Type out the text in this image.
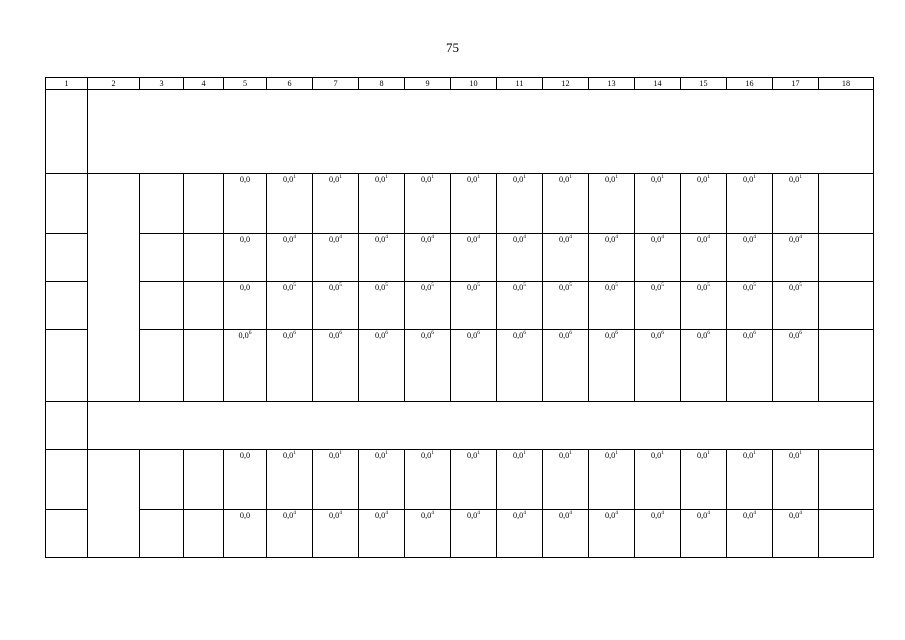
75
1	2	3	4	5	6	7	8	9	10	11	12	13	14	15	16	17	18

				0,0	$0,0^1$	$0,0^1$	$0,0^1$	$0,0^1$	$0,0^1$	$0,0^1$	$0,0^1$	$0,0^1$	$0,0^1$	$0,0^1$	$0,0^1$	$0,0^1$	
				0,0	$0,0^4$	$0,0^4$	$0,0^4$	$0,0^4$	$0,0^4$	$0,0^4$	$0,0^4$	$0,0^4$	$0,0^4$	$0,0^4$	$0,0^4$	$0,0^4$	
				0,0	$0,0^5$	$0,0^5$	$0,0^5$	$0,0^5$	$0,0^5$	$0,0^5$	$0,0^5$	$0,0^5$	$0,0^5$	$0,0^5$	$0,0^5$	$0,0^5$	
				$0,0^6$	$0,0^6$	$0,0^6$	$0,0^6$	$0,0^6$	$0,0^6$	$0,0^6$	$0,0^6$	$0,0^6$	$0,0^6$	$0,0^6$	$0,0^6$	$0,0^6$	

				0,0	$0,0^1$	$0,0^1$	$0,0^1$	$0,0^1$	$0,0^1$	$0,0^1$	$0,0^1$	$0,0^1$	$0,0^1$	$0,0^1$	$0,0^1$	$0,0^1$	
				0,0	$0,0^4$	$0,0^4$	$0,0^4$	$0,0^4$	$0,0^4$	$0,0^4$	$0,0^4$	$0,0^4$	$0,0^4$	$0,0^4$	$0,0^4$	$0,0^4$	
